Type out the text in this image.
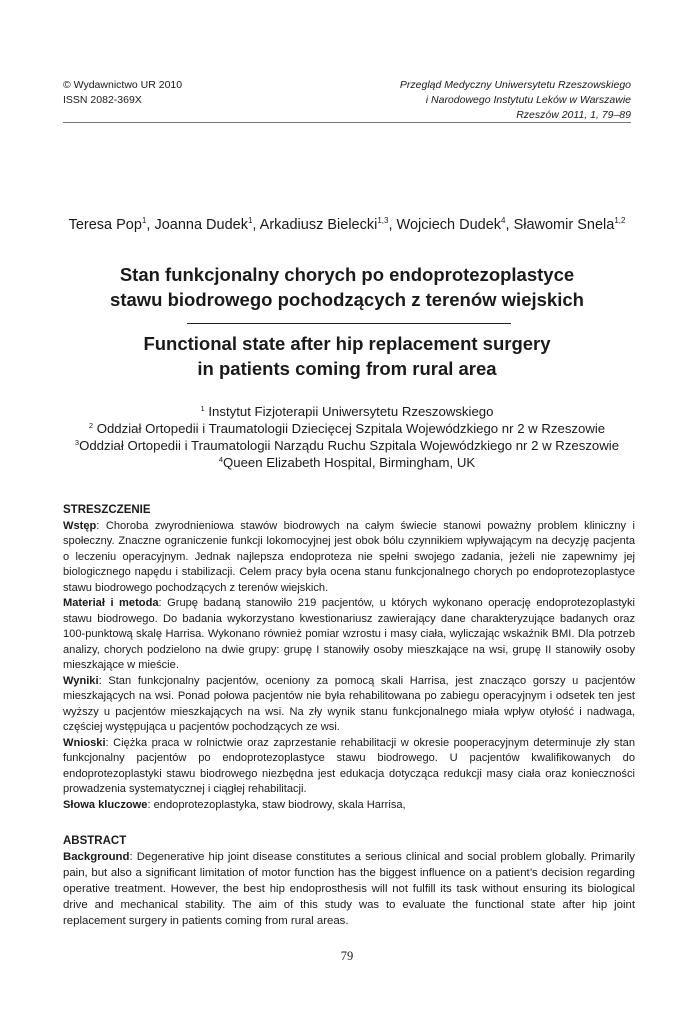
© Wydawnictwo UR 2010
ISSN 2082-369X
Przegląd Medyczny Uniwersytetu Rzeszowskiego
i Narodowego Instytutu Leków w Warszawie
Rzeszów 2011, 1, 79–89
Teresa Pop$^1$, Joanna Dudek$^1$, Arkadiusz Bielecki$^{1,3}$, Wojciech Dudek$^4$, Sławomir Snela$^{1,2}$
Stan funkcjonalny chorych po endoprotezoplastyce
stawu biodrowego pochodzących z terenów wiejskich
Functional state after hip replacement surgery
in patients coming from rural area
$^1$ Instytut Fizjoterapii Uniwersytetu Rzeszowskiego
$^2$ Oddział Ortopedii i Traumatologii Dziecięcej Szpitala Wojewódzkiego nr 2 w Rzeszowie
$^3$Oddział Ortopedii i Traumatologii Narządu Ruchu Szpitala Wojewódzkiego nr 2 w Rzeszowie
$^4$Queen Elizabeth Hospital, Birmingham, UK

STRESZCZENIE

Wstęp: Choroba zwyrodnieniowa stawów biodrowych na całym świecie stanowi poważny problem kliniczny i społeczny. Znaczne ograniczenie funkcji lokomocyjnej jest obok bólu czynnikiem wpływającym na decyzję pacjenta o leczeniu operacyjnym. Jednak najlepsza endoproteza nie spełni swojego zadania, jeżeli nie zapewnimy jej biologicznego napędu i stabilizacji. Celem pracy była ocena stanu funkcjonalnego chorych po endoprotezoplastyce stawu biodrowego pochodzących z terenów wiejskich.

Materiał i metoda: Grupę badaną stanowiło 219 pacjentów, u których wykonano operację endoprotezoplastyki stawu biodrowego. Do badania wykorzystano kwestionariusz zawierający dane charakteryzujące badanych oraz 100-punktową skalę Harrisa. Wykonano również pomiar wzrostu i masy ciała, wyliczając wskaźnik BMI. Dla potrzeb analizy, chorych podzielono na dwie grupy: grupę I stanowiły osoby mieszkające na wsi, grupę II stanowiły osoby mieszkające w mieście.

Wyniki: Stan funkcjonalny pacjentów, oceniony za pomocą skali Harrisa, jest znacząco gorszy u pacjentów mieszkających na wsi. Ponad połowa pacjentów nie była rehabilitowana po zabiegu operacyjnym i odsetek ten jest wyższy u pacjentów mieszkających na wsi. Na zły wynik stanu funkcjonalnego miała wpływ otyłość i nadwaga, częściej występująca u pacjentów pochodzących ze wsi.

Wnioski: Ciężka praca w rolnictwie oraz zaprzestanie rehabilitacji w okresie pooperacyjnym determinuje zły stan funkcjonalny pacjentów po endoprotezoplastyce stawu biodrowego. U pacjentów kwalifikowanych do endoprotezoplastyki stawu biodrowego niezbędna jest edukacja dotycząca redukcji masy ciała oraz konieczności prowadzenia systematycznej i ciągłej rehabilitacji.

Słowa kluczowe: endoprotezoplastyka, staw biodrowy, skala Harrisa,

ABSTRACT

Background: Degenerative hip joint disease constitutes a serious clinical and social problem globally. Primarily pain, but also a significant limitation of motor function has the biggest influence on a patient’s decision regarding operative treatment. However, the best hip endoprosthesis will not fulfill its task without ensuring its biological drive and mechanical stability. The aim of this study was to evaluate the functional state after hip joint replacement surgery in patients coming from rural areas.

79
